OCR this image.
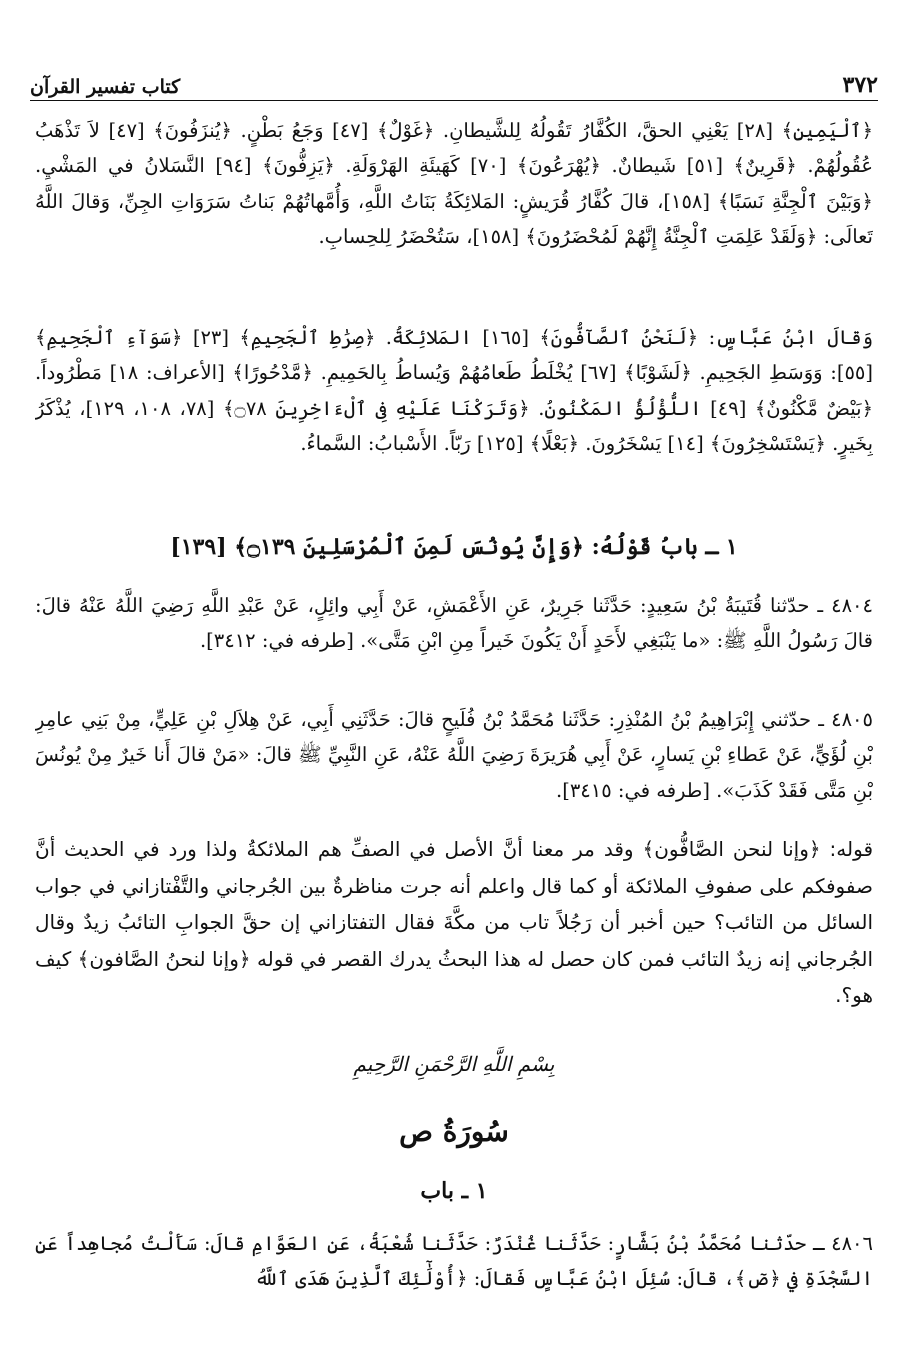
٣٧٢
كتاب تفسير القرآن
﴿ٱلْيَمِينِ﴾ [٢٨] يَعْنِي الحقَّ، الكُفَّارُ تَقُولُهُ لِلشَّيطانِ. ﴿غَوْلٌ﴾ [٤٧] وَجَعُ بَطْنٍ. ﴿يُنزَفُونَ﴾ [٤٧] لاَ تَذْهَبُ عُقُولُهُمْ. ﴿قَرِينٌ﴾ [٥١] شَيطانٌ. ﴿يُهْرَعُونَ﴾ [٧٠] كَهَيئَةِ الهَرْوَلَةِ. ﴿يَزِفُّونَ﴾ [٩٤] النَّسَلانُ في المَشْيِ. ﴿وَبَيْنَ ٱلْجِنَّةِ نَسَبًا﴾ [١٥٨]، قالَ كُفَّارُ قُرَيشٍ: المَلائِكَةُ بَنَاتُ اللَّهِ، وَأُمَّهاتُهُمْ بَناتُ سَرَوَاتِ الجِنِّ، وَقالَ اللَّهُ تَعالَى: ﴿وَلَقَدْ عَلِمَتِ ٱلْجِنَّةُ إِنَّهُمْ لَمُحْضَرُونَ﴾ [١٥٨]، سَتُحْضَرُ لِلحِسابِ.
وَقالَ ابْنُ عَبَّاسٍ: ﴿لَنَحْنُ ٱلصَّآفُّونَ﴾ [١٦٥] المَلائِكَةُ. ﴿صِرَٰطِ ٱلْجَحِيمِ﴾ [٢٣] ﴿سَوَآءِ ٱلْجَحِيمِ﴾ [٥٥]: وَوَسَطِ الجَحِيمِ. ﴿لَشَوْبًا﴾ [٦٧] يُخْلَطُ طَعامُهُمْ وَيُساطُ بِالحَمِيمِ. ﴿مَّدْحُورًا﴾ [الأعراف: ١٨] مَطْرُوداً. ﴿بَيْضٌ مَّكْنُونٌ﴾ [٤٩] اللُّؤْلُؤُ المَكْنُونُ. ﴿وَتَرَكْنَا عَلَيْهِ فِى ٱلْءَاخِرِينَ ۝٧٨﴾ [٧٨، ١٠٨، ١٢٩]، يُذْكَرُ بِخَيرٍ. ﴿يَسْتَسْخِرُونَ﴾ [١٤] يَسْخَرُونَ. ﴿بَعْلًا﴾ [١٢٥] رَبّاً. الأَسْبابُ: السَّماءُ.
١ ـ بابُ قَوْلُهُ: ﴿وَإِنَّ يُونُسَ لَمِنَ ٱلْمُرْسَلِينَ ۝١٣٩﴾ [١٣٩]
٤٨٠٤ ـ حدّثنا قُتَيبَةُ بْنُ سَعِيدٍ: حَدَّثَنا جَرِيرٌ، عَنِ الأَعْمَشِ، عَنْ أَبِي وائِلٍ، عَنْ عَبْدِ اللَّهِ رَضِيَ اللَّهُ عَنْهُ قالَ: قالَ رَسُولُ اللَّهِ ﷺ: «ما يَنْبَغِي لأَحَدٍ أَنْ يَكُونَ خَيراً مِنِ ابْنِ مَتَّى». [طرفه في: ٣٤١٢].
٤٨٠٥ ـ حدّثني إِبْرَاهِيمُ بْنُ المُنْذِرِ: حَدَّثَنا مُحَمَّدُ بْنُ فُلَيحٍ قالَ: حَدَّثَنِي أَبِي، عَنْ هِلاَلِ بْنِ عَلِيٍّ، مِنْ بَنِي عامِرِ بْنِ لُؤَيٍّ، عَنْ عَطاءِ بْنِ يَسارٍ، عَنْ أَبِي هُرَيرَةَ رَضِيَ اللَّهُ عَنْهُ، عَنِ النَّبِيِّ ﷺ قالَ: «مَنْ قالَ أَنا خَيرٌ مِنْ يُونُسَ بْنِ مَتَّى فَقَدْ كَذَبَ». [طرفه في: ٣٤١٥].
قوله: ﴿وإنا لنحن الصَّافُّون﴾ وقد مر معنا أنَّ الأصل في الصفِّ هم الملائكةُ ولذا ورد في الحديث أنَّ صفوفكم على صفوفِ الملائكة أو كما قال واعلم أنه جرت مناظرةٌ بين الجُرجاني والتَّفْتازاني في جواب السائل من التائب؟ حين أخبر أن رَجُلاً تاب من مكَّةَ فقال التفتازاني إن حقَّ الجوابِ التائبُ زيدٌ وقال الجُرجاني إنه زيدٌ التائب فمن كان حصل له هذا البحثُ يدرك القصر في قوله ﴿وإنا لنحنُ الصَّافون﴾ كيف هو؟.
بِسْمِ اللَّهِ الرَّحْمَنِ الرَّحِيمِ
سُورَةُ ص
١ ـ باب
٤٨٠٦ ـ حدّثنا مُحَمَّدُ بْنُ بَشَّارٍ: حَدَّثَنا غُنْدَرٌ: حَدَّثَنا شُعْبَةُ، عَنِ العَوَّامِ قالَ: سَأَلْتُ مُجاهِداً عَنِ السَّجْدَةِ في ﴿صٓ﴾، قالَ: سُئِلَ ابْنُ عَبَّاسٍ فَقالَ: ﴿أُوْلَٰٓئِكَ ٱلَّذِينَ هَدَى ٱللَّهُ
